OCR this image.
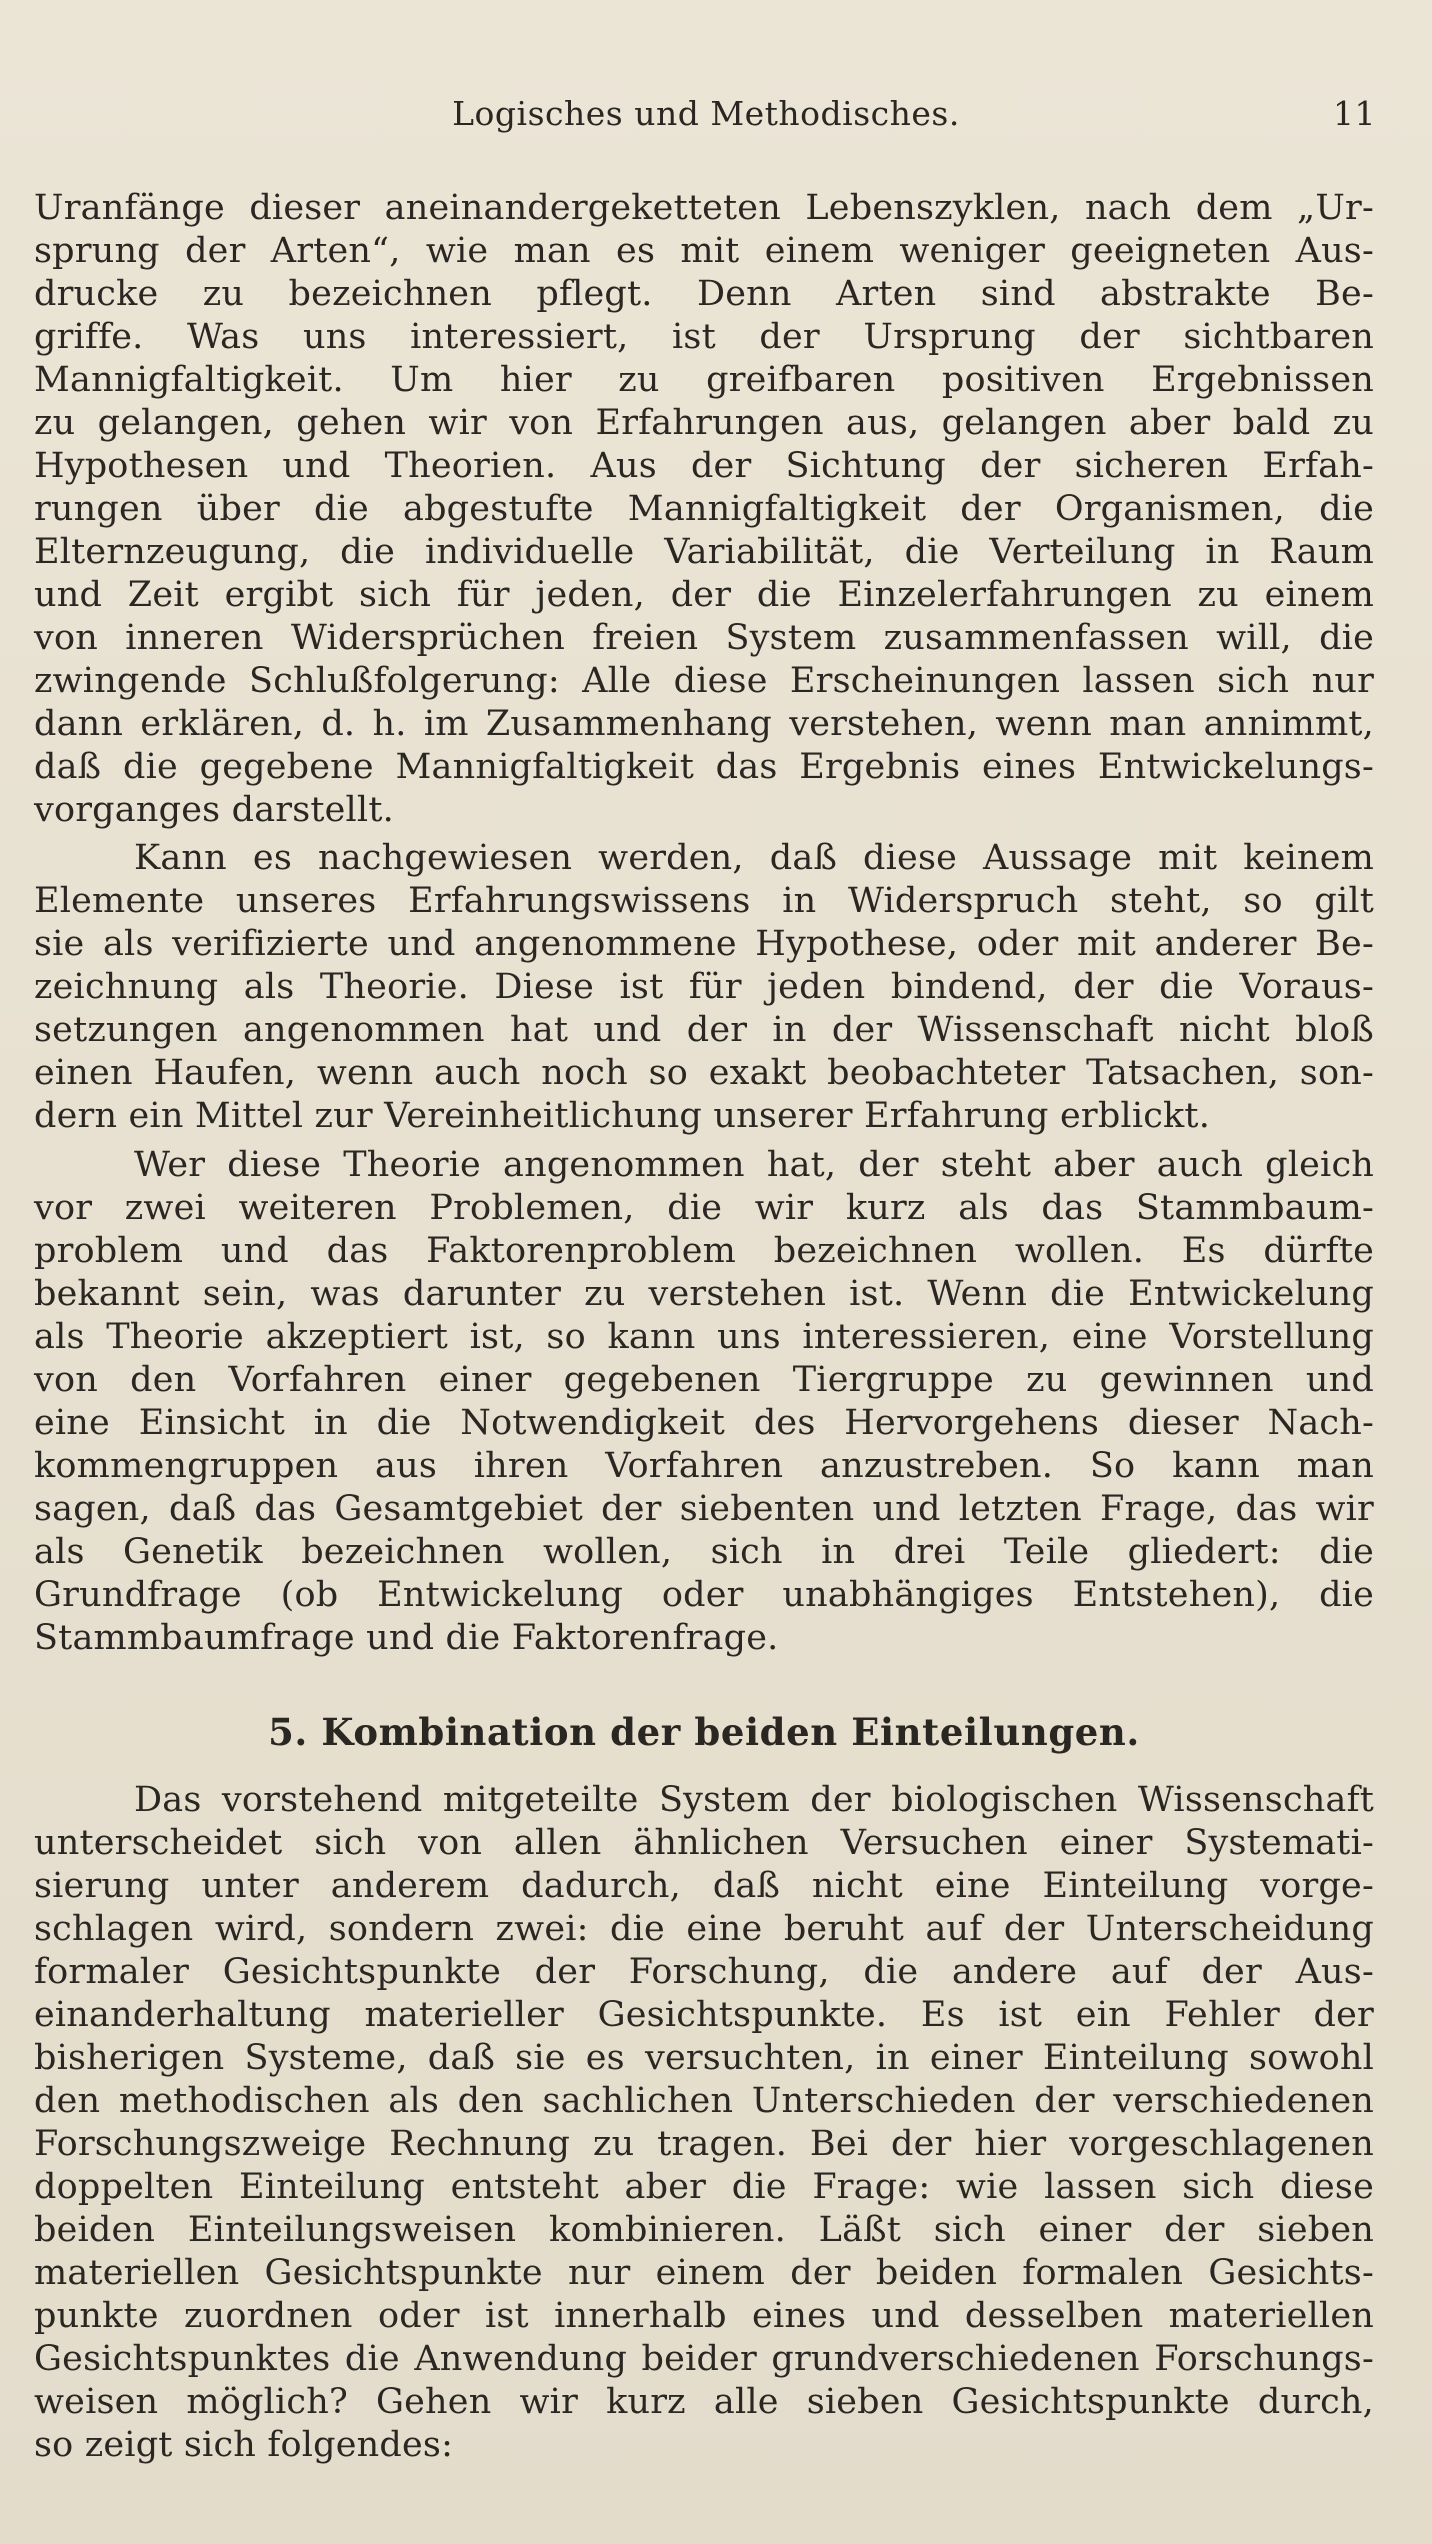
Logisches und Methodisches.	11
Uranfänge dieser aneinandergeketteten Lebenszyklen, nach dem „Ur-
sprung der Arten“, wie man es mit einem weniger geeigneten Aus-
drucke zu bezeichnen pflegt. Denn Arten sind abstrakte Be-
griffe. Was uns interessiert, ist der Ursprung der sichtbaren
Mannigfaltigkeit. Um hier zu greifbaren positiven Ergebnissen
zu gelangen, gehen wir von Erfahrungen aus, gelangen aber bald zu
Hypothesen und Theorien. Aus der Sichtung der sicheren Erfah-
rungen über die abgestufte Mannigfaltigkeit der Organismen, die
Elternzeugung, die individuelle Variabilität, die Verteilung in Raum
und Zeit ergibt sich für jeden, der die Einzelerfahrungen zu einem
von inneren Widersprüchen freien System zusammenfassen will, die
zwingende Schlußfolgerung: Alle diese Erscheinungen lassen sich nur
dann erklären, d. h. im Zusammenhang verstehen, wenn man annimmt,
daß die gegebene Mannigfaltigkeit das Ergebnis eines Entwickelungs-
vorganges darstellt.
Kann es nachgewiesen werden, daß diese Aussage mit keinem
Elemente unseres Erfahrungswissens in Widerspruch steht, so gilt
sie als verifizierte und angenommene Hypothese, oder mit anderer Be-
zeichnung als Theorie. Diese ist für jeden bindend, der die Voraus-
setzungen angenommen hat und der in der Wissenschaft nicht bloß
einen Haufen, wenn auch noch so exakt beobachteter Tatsachen, son-
dern ein Mittel zur Vereinheitlichung unserer Erfahrung erblickt.
Wer diese Theorie angenommen hat, der steht aber auch gleich
vor zwei weiteren Problemen, die wir kurz als das Stammbaum-
problem und das Faktorenproblem bezeichnen wollen. Es dürfte
bekannt sein, was darunter zu verstehen ist. Wenn die Entwickelung
als Theorie akzeptiert ist, so kann uns interessieren, eine Vorstellung
von den Vorfahren einer gegebenen Tiergruppe zu gewinnen und
eine Einsicht in die Notwendigkeit des Hervorgehens dieser Nach-
kommengruppen aus ihren Vorfahren anzustreben. So kann man
sagen, daß das Gesamtgebiet der siebenten und letzten Frage, das wir
als Genetik bezeichnen wollen, sich in drei Teile gliedert: die
Grundfrage (ob Entwickelung oder unabhängiges Entstehen), die
Stammbaumfrage und die Faktorenfrage.
5. Kombination der beiden Einteilungen.
Das vorstehend mitgeteilte System der biologischen Wissenschaft
unterscheidet sich von allen ähnlichen Versuchen einer Systemati-
sierung unter anderem dadurch, daß nicht eine Einteilung vorge-
schlagen wird, sondern zwei: die eine beruht auf der Unterscheidung
formaler Gesichtspunkte der Forschung, die andere auf der Aus-
einanderhaltung materieller Gesichtspunkte. Es ist ein Fehler der
bisherigen Systeme, daß sie es versuchten, in einer Einteilung sowohl
den methodischen als den sachlichen Unterschieden der verschiedenen
Forschungszweige Rechnung zu tragen. Bei der hier vorgeschlagenen
doppelten Einteilung entsteht aber die Frage: wie lassen sich diese
beiden Einteilungsweisen kombinieren. Läßt sich einer der sieben
materiellen Gesichtspunkte nur einem der beiden formalen Gesichts-
punkte zuordnen oder ist innerhalb eines und desselben materiellen
Gesichtspunktes die Anwendung beider grundverschiedenen Forschungs-
weisen möglich? Gehen wir kurz alle sieben Gesichtspunkte durch,
so zeigt sich folgendes:
